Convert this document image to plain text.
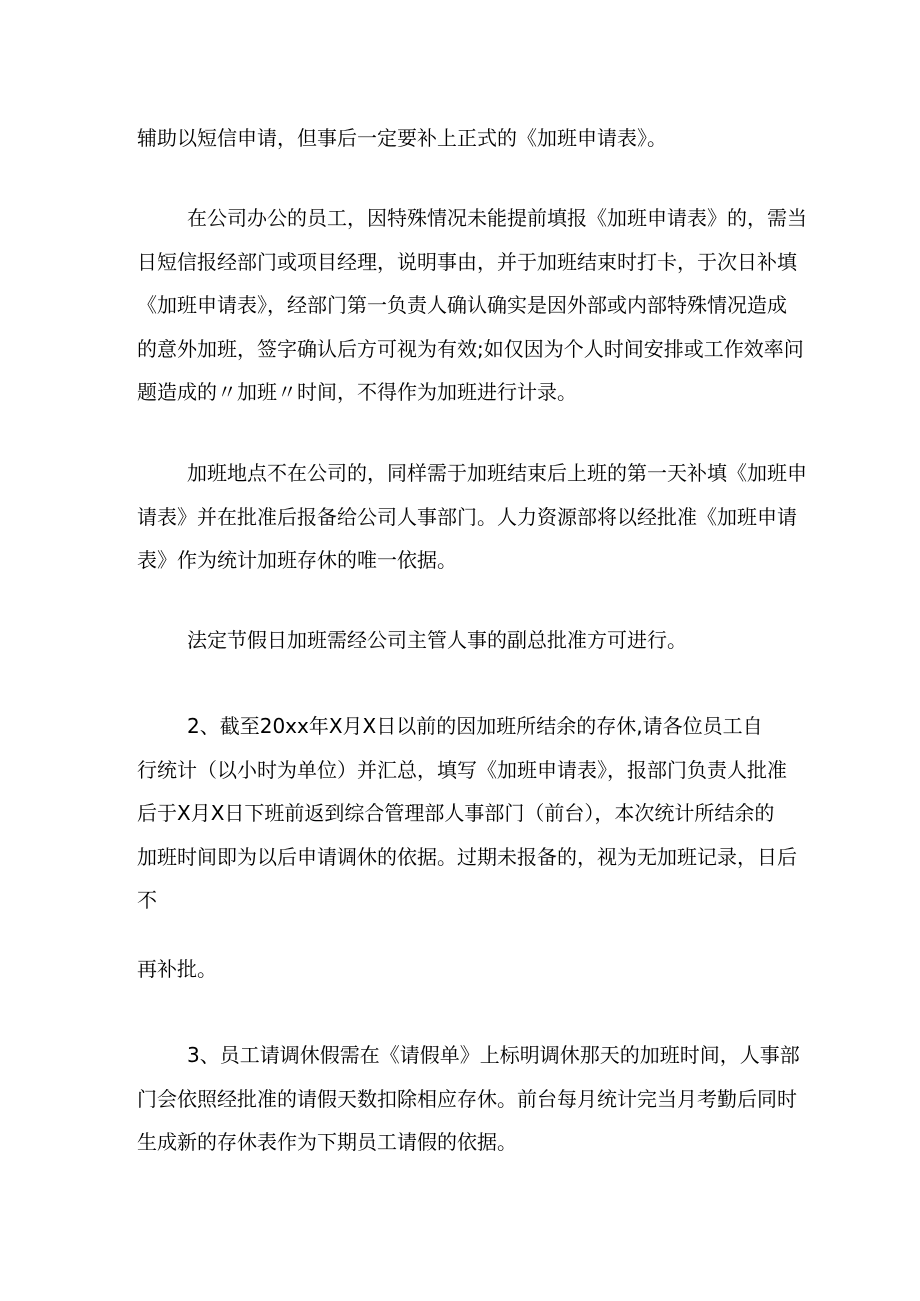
辅助以短信申请，但事后一定要补上正式的《加班申请表》。

在公司办公的员工，因特殊情况未能提前填报《加班申请表》的，需当
日短信报经部门或项目经理，说明事由，并于加班结束时打卡，于次日补填
《加班申请表》，经部门第一负责人确认确实是因外部或内部特殊情况造成
的意外加班，签字确认后方可视为有效;如仅因为个人时间安排或工作效率问
题造成的〃加班〃时间，不得作为加班进行计录。

加班地点不在公司的，同样需于加班结束后上班的第一天补填《加班申
请表》并在批准后报备给公司人事部门。人力资源部将以经批准《加班申请
表》作为统计加班存休的唯一依据。

法定节假日加班需经公司主管人事的副总批准方可进行。

2、截至20xx年X月X日以前的因加班所结余的存休,请各位员工自
行统计（以小时为单位）并汇总，填写《加班申请表》，报部门负责人批准
后于X月X日下班前返到综合管理部人事部门（前台），本次统计所结余的
加班时间即为以后申请调休的依据。过期未报备的，视为无加班记录，日后
不

再补批。

3、员工请调休假需在《请假单》上标明调休那天的加班时间，人事部
门会依照经批准的请假天数扣除相应存休。前台每月统计完当月考勤后同时
生成新的存休表作为下期员工请假的依据。
